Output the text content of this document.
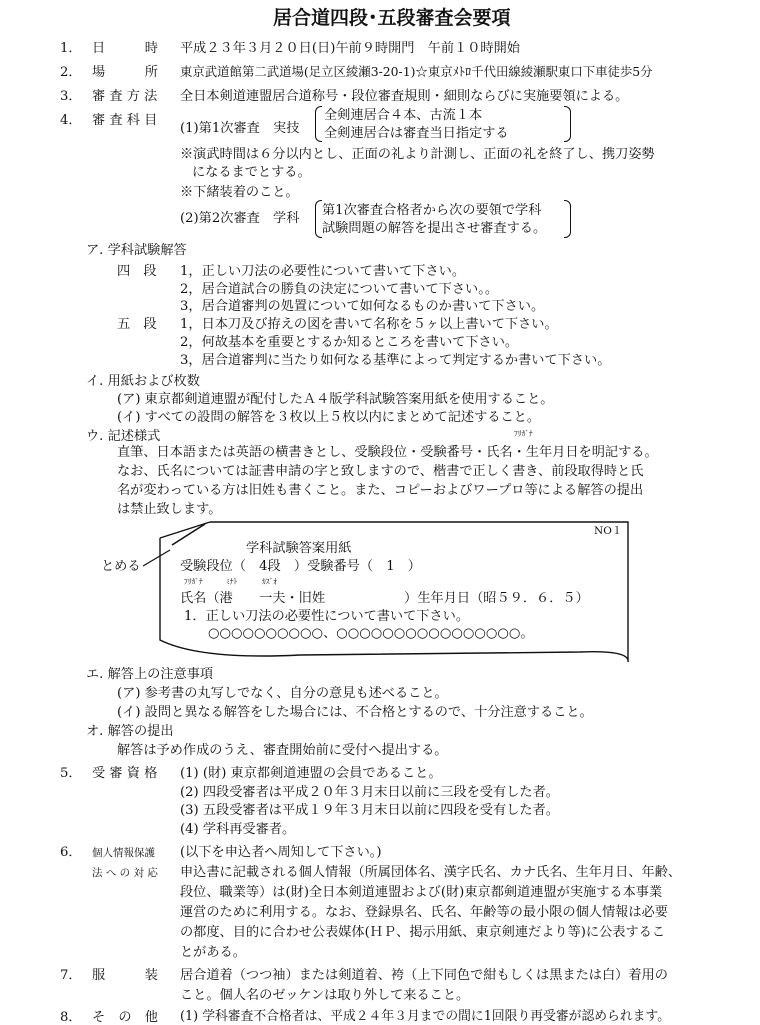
居合道四段･五段審査会要項
1． 日　　　時 平成２３年３月２０日(日)午前９時開門　午前１０時開始
2． 場　　　所 東京武道館第二武道場(足立区綾瀬3-20-1)☆東京ﾒﾄﾛ千代田線綾瀬駅東口下車徒歩5分
3． 審 査 方 法 全日本剣道連盟居合道称号・段位審査規則・細則ならびに実施要領による。
4． 審 査 科 目
(1)第1次審査　実技
全剣連居合４本、古流１本
全剣連居合は審査当日指定する
※演武時間は６分以内とし、正面の礼より計測し、正面の礼を終了し、携刀姿勢
になるまでとする。
※下緒装着のこと。
(2)第2次審査　学科
第1次審査合格者から次の要領で学科
試験問題の解答を提出させ審査する。
ア. 学科試験解答
四　段 1，正しい刀法の必要性について書いて下さい。
2，居合道試合の勝負の決定について書いて下さい。。
3，居合道審判の処置について如何なるものか書いて下さい。
五　段 1，日本刀及び拵えの図を書いて名称を５ヶ以上書いて下さい。
2，何故基本を重要とするか知るところを書いて下さい。
3，居合道審判に当たり如何なる基準によって判定するか書いて下さい。
イ. 用紙および枚数
(ア) 東京都剣道連盟が配付したＡ４版学科試験答案用紙を使用すること。
(イ) すべての設問の解答を３枚以上５枚以内にまとめて記述すること。
ウ. 記述様式	ﾌﾘｶﾞﾅ
直筆、日本語または英語の横書きとし、受験段位・受験番号・氏名・生年月日を明記する。
なお、氏名については証書申請の字と致しますので、楷書で正しく書き、前段取得時と氏
名が変わっている方は旧姓も書くこと。また、コピーおよびワープロ等による解答の提出
は禁止致します。
とめる
NO１
学科試験答案用紙
受験段位（　4段　）受験番号（　1　）
ﾌﾘｶﾞﾅ	ﾐﾅﾄ	ｶｽﾞｵ
氏名（港　　一夫・旧姓　　　　　　）生年月日（昭５９．６．５）
1．正しい刀法の必要性について書いて下さい。
○○○○○○○○○○、○○○○○○○○○○○○○○○○。
エ. 解答上の注意事項
(ア) 参考書の丸写しでなく、自分の意見も述べること。
(イ) 設問と異なる解答をした場合には、不合格とするので、十分注意すること。
オ. 解答の提出
解答は予め作成のうえ、審査開始前に受付へ提出する。
5． 受 審 資 格 (1) (財) 東京都剣道連盟の会員であること。
(2) 四段受審者は平成２０年３月末日以前に三段を受有した者。
(3) 五段受審者は平成１９年３月末日以前に四段を受有した者。
(4) 学科再受審者。
6． 個人情報保護
法 へ の 対 応
(以下を申込者へ周知して下さい。)
申込書に記載される個人情報（所属団体名、漢字氏名、カナ氏名、生年月日、年齢、
段位、職業等）は(財)全日本剣道連盟および(財)東京都剣道連盟が実施する本事業
運営のために利用する。なお、登録県名、氏名、年齢等の最小限の個人情報は必要
の都度、目的に合わせ公表媒体(ＨＰ、掲示用紙、東京剣連だより等)に公表するこ
とがある。
7． 服　　　装 居合道着（つつ袖）または剣道着、袴（上下同色で紺もしくは黒または白）着用の
こと。個人名のゼッケンは取り外して来ること。
8． そ　の　他 (1) 学科審査不合格者は、平成２４年３月までの間に1回限り再受審が認められます。
